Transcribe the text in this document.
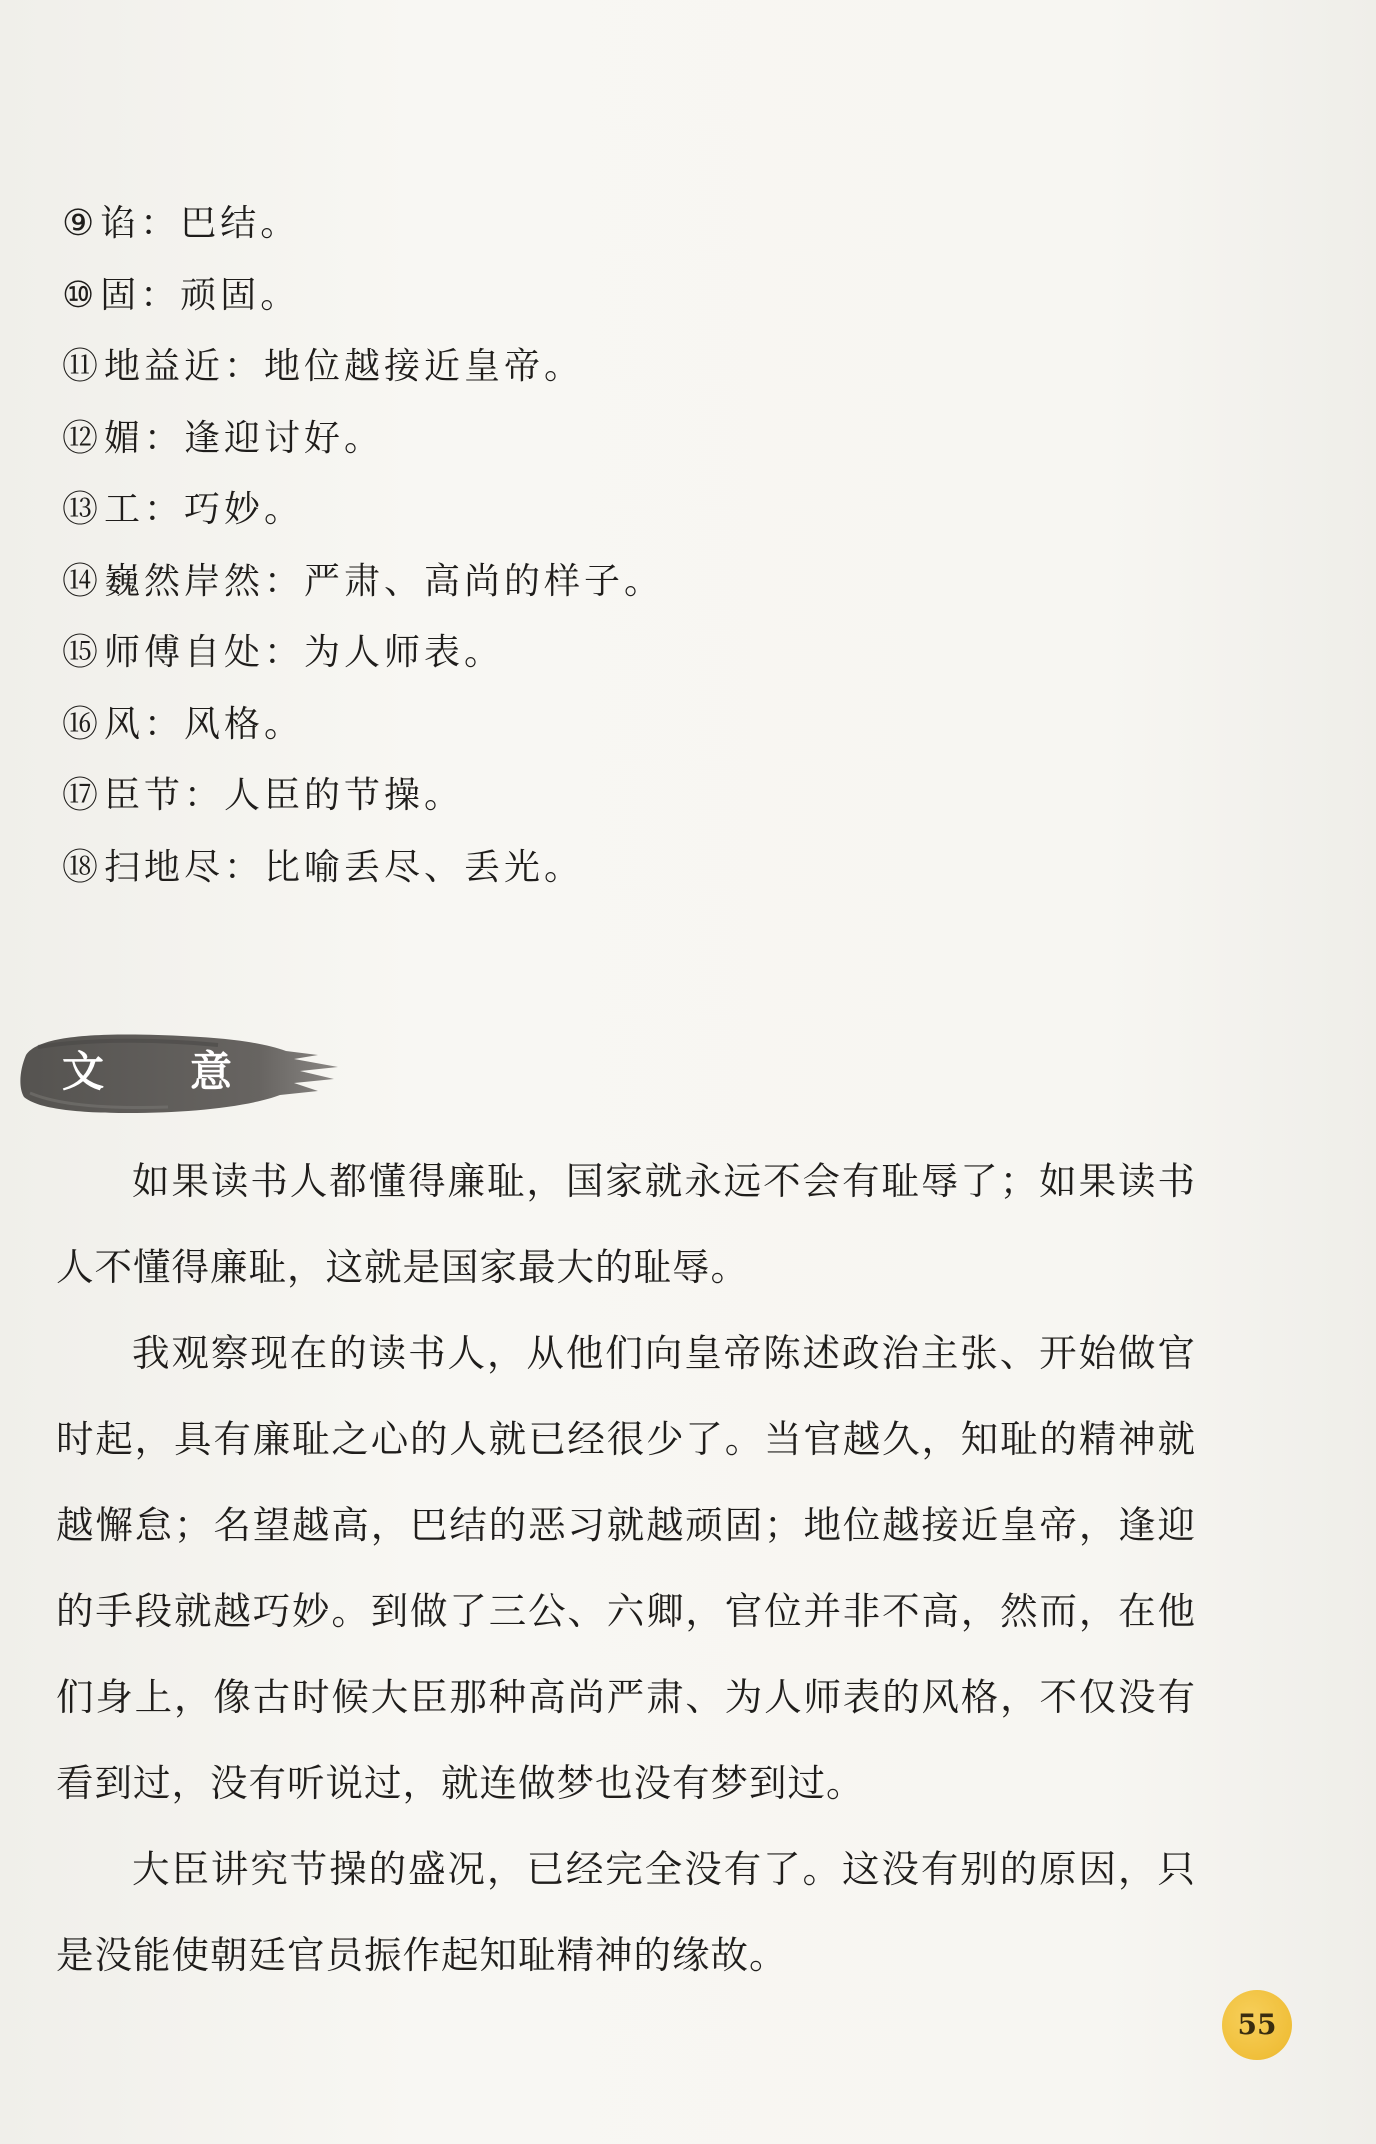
⑨谄：巴结。
⑩固：顽固。
⑪地益近：地位越接近皇帝。
⑫媚：逢迎讨好。
⑬工：巧妙。
⑭巍然岸然：严肃、高尚的样子。
⑮师傅自处：为人师表。
⑯风：风格。
⑰臣节：人臣的节操。
⑱扫地尽：比喻丢尽、丢光。
文 意

如果读书人都懂得廉耻，国家就永远不会有耻辱了；如果读书人不懂得廉耻，这就是国家最大的耻辱。

我观察现在的读书人，从他们向皇帝陈述政治主张、开始做官时起，具有廉耻之心的人就已经很少了。当官越久，知耻的精神就越懈怠；名望越高，巴结的恶习就越顽固；地位越接近皇帝，逢迎的手段就越巧妙。到做了三公、六卿，官位并非不高，然而，在他们身上，像古时候大臣那种高尚严肃、为人师表的风格，不仅没有看到过，没有听说过，就连做梦也没有梦到过。

大臣讲究节操的盛况，已经完全没有了。这没有别的原因，只是没能使朝廷官员振作起知耻精神的缘故。

55
